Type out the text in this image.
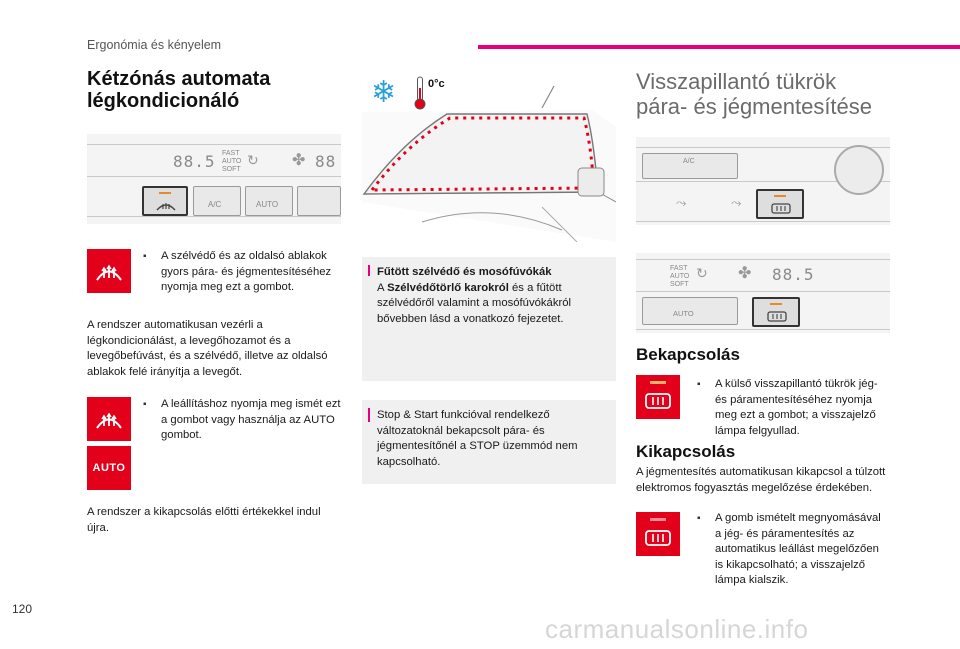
Ergonómia és kényelem
Kétzónás automata légkondicionáló
88.5 FAST AUTO SOFT
↻ ✤ 88
A/C	AUTO
▪ A szélvédő és az oldalsó ablakok gyors pára- és jégmentesítéséhez nyomja meg ezt a gombot.
A rendszer automatikusan vezérli a légkondicionálást, a levegőhozamot és a levegőbefúvást, és a szélvédő, illetve az oldalsó ablakok felé irányítja a levegőt.
▪ A leállításhoz nyomja meg ismét ezt a gombot vagy használja az AUTO gombot.
AUTO
A rendszer a kikapcsolás előtti értékekkel indul újra.
❄	0°c
Fűtött szélvédő és mosófúvókák
A Szélvédőtörlő karokról és a fűtött szélvédőről valamint a mosófúvókákról bővebben lásd a vonatkozó fejezetet.
Stop & Start funkcióval rendelkező változatoknál bekapcsolt pára- és jégmentesítőnél a STOP üzemmód nem kapcsolható.
Visszapillantó tükrök
pára- és jégmentesítése
A/C
⤳	⤳
FAST AUTO SOFT
↻ ✤ 88.5
AUTO
Bekapcsolás
▪ A külső visszapillantó tükrök jég- és páramentesítéséhez nyomja meg ezt a gombot; a visszajelző lámpa felgyullad.
Kikapcsolás
A jégmentesítés automatikusan kikapcsol a túlzott elektromos fogyasztás megelőzése érdekében.
▪ A gomb ismételt megnyomásával a jég- és páramentesítés az automatikus leállást megelőzően is kikapcsolható; a visszajelző lámpa kialszik.
120
carmanualsonline.info
